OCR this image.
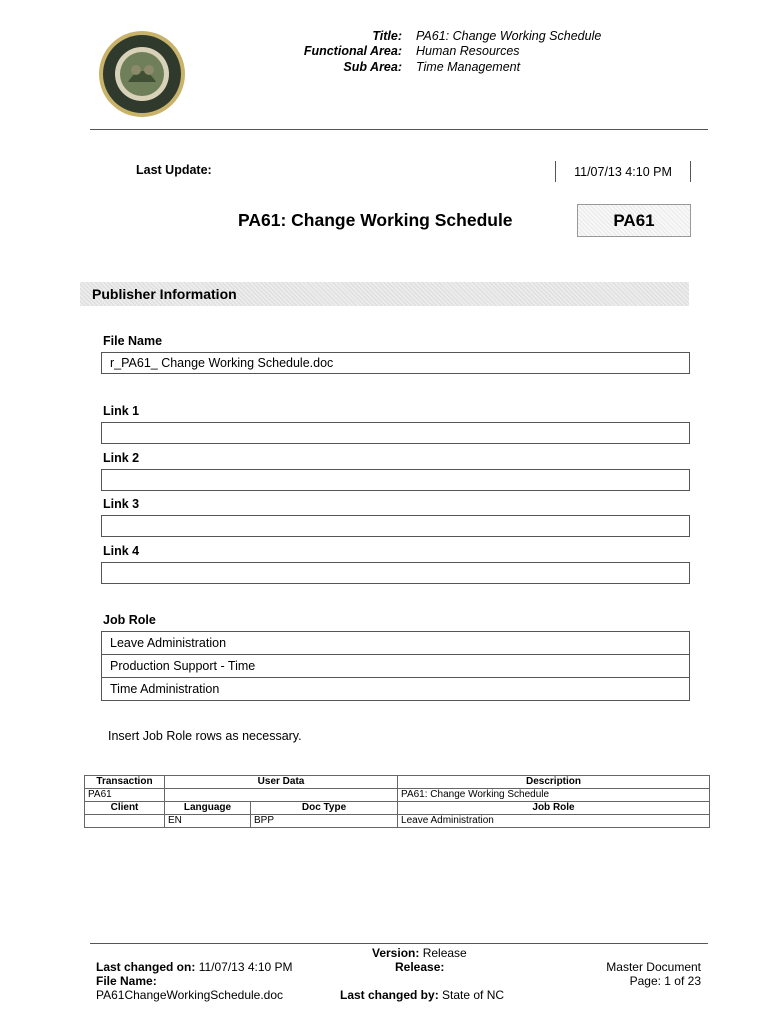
Title: PA61: Change Working Schedule
Functional Area: Human Resources
Sub Area: Time Management
Last Update:	11/07/13 4:10 PM
PA61: Change Working Schedule	PA61
Publisher Information
File Name
r_PA61_ Change Working Schedule.doc
Link 1
Link 2
Link 3
Link 4
Job Role
Leave Administration
Production Support - Time
Time Administration
Insert Job Role rows as necessary.
Transaction	User Data		Description
PA61			PA61: Change Working Schedule
Client	Language	Doc Type	Job Role
	EN	BPP	Leave Administration
Last changed on: 11/07/13 4:10 PM
File Name:
PA61ChangeWorkingSchedule.doc
Version: Release
Release:
Last changed by: State of NC
Master Document
Page: 1 of 23
